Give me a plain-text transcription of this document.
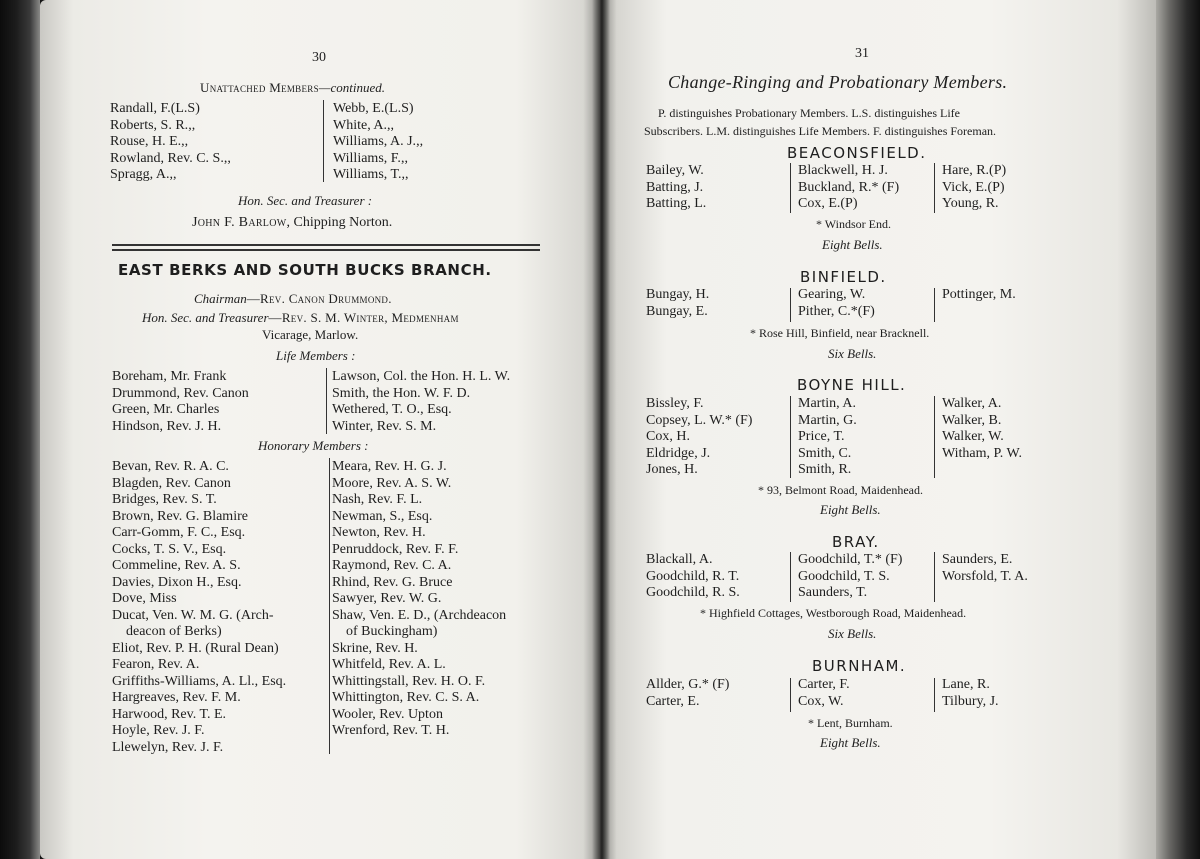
30
Unattached Members—continued.
Randall, F.(L.S)
Roberts, S. R.,,
Rouse, H. E.,,
Rowland, Rev. C. S.,,
Spragg, A.,,
Webb, E.(L.S)
White, A.,,
Williams, A. J.,,
Williams, F.,,
Williams, T.,,
Hon. Sec. and Treasurer :
John F. Barlow, Chipping Norton.
EAST BERKS AND SOUTH BUCKS BRANCH.
Chairman—Rev. Canon Drummond.
Hon. Sec. and Treasurer—Rev. S. M. Winter, Medmenham
Vicarage, Marlow.
Life Members :
Boreham, Mr. Frank
Drummond, Rev. Canon
Green, Mr. Charles
Hindson, Rev. J. H.
Lawson, Col. the Hon. H. L. W.
Smith, the Hon. W. F. D.
Wethered, T. O., Esq.
Winter, Rev. S. M.
Honorary Members :
Bevan, Rev. R. A. C.
Blagden, Rev. Canon
Bridges, Rev. S. T.
Brown, Rev. G. Blamire
Carr-Gomm, F. C., Esq.
Cocks, T. S. V., Esq.
Commeline, Rev. A. S.
Davies, Dixon H., Esq.
Dove, Miss
Ducat, Ven. W. M. G. (Arch-
deacon of Berks)
Eliot, Rev. P. H. (Rural Dean)
Fearon, Rev. A.
Griffiths-Williams, A. Ll., Esq.
Hargreaves, Rev. F. M.
Harwood, Rev. T. E.
Hoyle, Rev. J. F.
Llewelyn, Rev. J. F.
Meara, Rev. H. G. J.
Moore, Rev. A. S. W.
Nash, Rev. F. L.
Newman, S., Esq.
Newton, Rev. H.
Penruddock, Rev. F. F.
Raymond, Rev. C. A.
Rhind, Rev. G. Bruce
Sawyer, Rev. W. G.
Shaw, Ven. E. D., (Archdeacon
of Buckingham)
Skrine, Rev. H.
Whitfeld, Rev. A. L.
Whittingstall, Rev. H. O. F.
Whittington, Rev. C. S. A.
Wooler, Rev. Upton
Wrenford, Rev. T. H.
31
Change-Ringing and Probationary Members.
P. distinguishes Probationary Members. L.S. distinguishes Life
Subscribers. L.M. distinguishes Life Members. F. distinguishes Foreman.
BEACONSFIELD.
Bailey, W.
Batting, J.
Batting, L.
Blackwell, H. J.
Buckland, R.* (F)
Cox, E.(P)
Hare, R.(P)
Vick, E.(P)
Young, R.
* Windsor End.
Eight Bells.
BINFIELD.
Bungay, H.
Bungay, E.
Gearing, W.
Pither, C.*(F)
Pottinger, M.
* Rose Hill, Binfield, near Bracknell.
Six Bells.
BOYNE HILL.
Bissley, F.
Copsey, L. W.* (F)
Cox, H.
Eldridge, J.
Jones, H.
Martin, A.
Martin, G.
Price, T.
Smith, C.
Smith, R.
Walker, A.
Walker, B.
Walker, W.
Witham, P. W.
* 93, Belmont Road, Maidenhead.
Eight Bells.
BRAY.
Blackall, A.
Goodchild, R. T.
Goodchild, R. S.
Goodchild, T.* (F)
Goodchild, T. S.
Saunders, T.
Saunders, E.
Worsfold, T. A.
* Highfield Cottages, Westborough Road, Maidenhead.
Six Bells.
BURNHAM.
Allder, G.* (F)
Carter, E.
Carter, F.
Cox, W.
Lane, R.
Tilbury, J.
* Lent, Burnham.
Eight Bells.
